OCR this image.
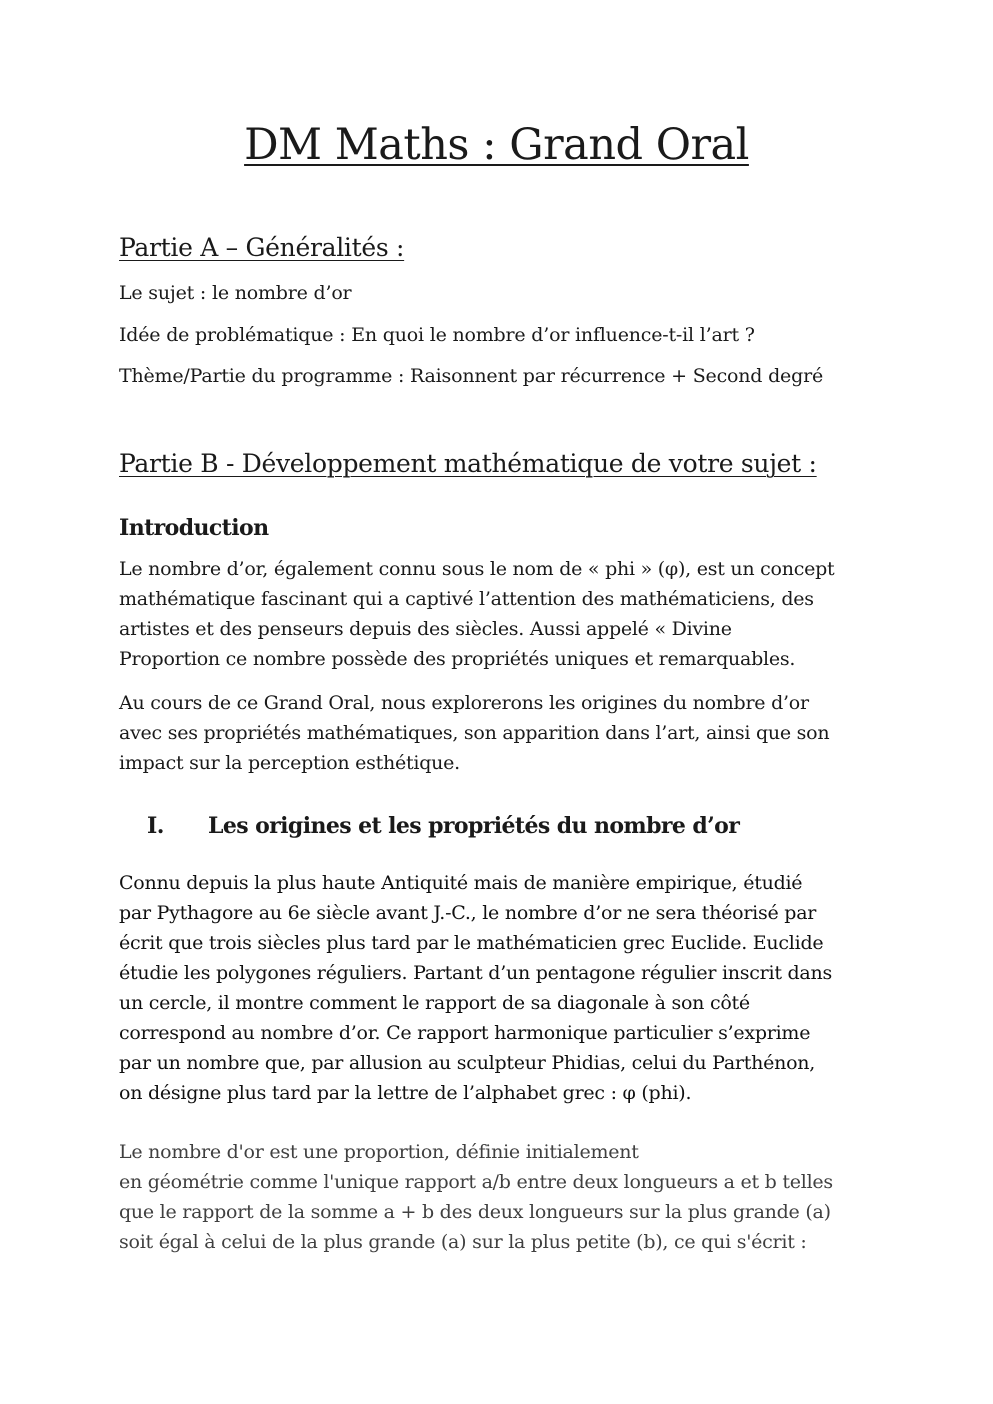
DM Maths : Grand Oral
Partie A – Généralités :

Le sujet : le nombre d’or

Idée de problématique : En quoi le nombre d’or influence-t-il l’art ?

Thème/Partie du programme : Raisonnent par récurrence + Second degré

Partie B - Développement mathématique de votre sujet :
Introduction
Le nombre d’or, également connu sous le nom de « phi » (φ), est un concept
mathématique fascinant qui a captivé l’attention des mathématiciens, des
artistes et des penseurs depuis des siècles. Aussi appelé « Divine
Proportion ce nombre possède des propriétés uniques et remarquables.
Au cours de ce Grand Oral, nous explorerons les origines du nombre d’or
avec ses propriétés mathématiques, son apparition dans l’art, ainsi que son
impact sur la perception esthétique.
I. Les origines et les propriétés du nombre d’or
Connu depuis la plus haute Antiquité mais de manière empirique, étudié
par Pythagore au 6e siècle avant J.-C., le nombre d’or ne sera théorisé par
écrit que trois siècles plus tard par le mathématicien grec Euclide. Euclide
étudie les polygones réguliers. Partant d’un pentagone régulier inscrit dans
un cercle, il montre comment le rapport de sa diagonale à son côté
correspond au nombre d’or. Ce rapport harmonique particulier s’exprime
par un nombre que, par allusion au sculpteur Phidias, celui du Parthénon,
on désigne plus tard par la lettre de l’alphabet grec : φ (phi).
Le nombre d'or est une proportion, définie initialement
en géométrie comme l'unique rapport a/b entre deux longueurs a et b telles
que le rapport de la somme a + b des deux longueurs sur la plus grande (a)
soit égal à celui de la plus grande (a) sur la plus petite (b), ce qui s'écrit :
